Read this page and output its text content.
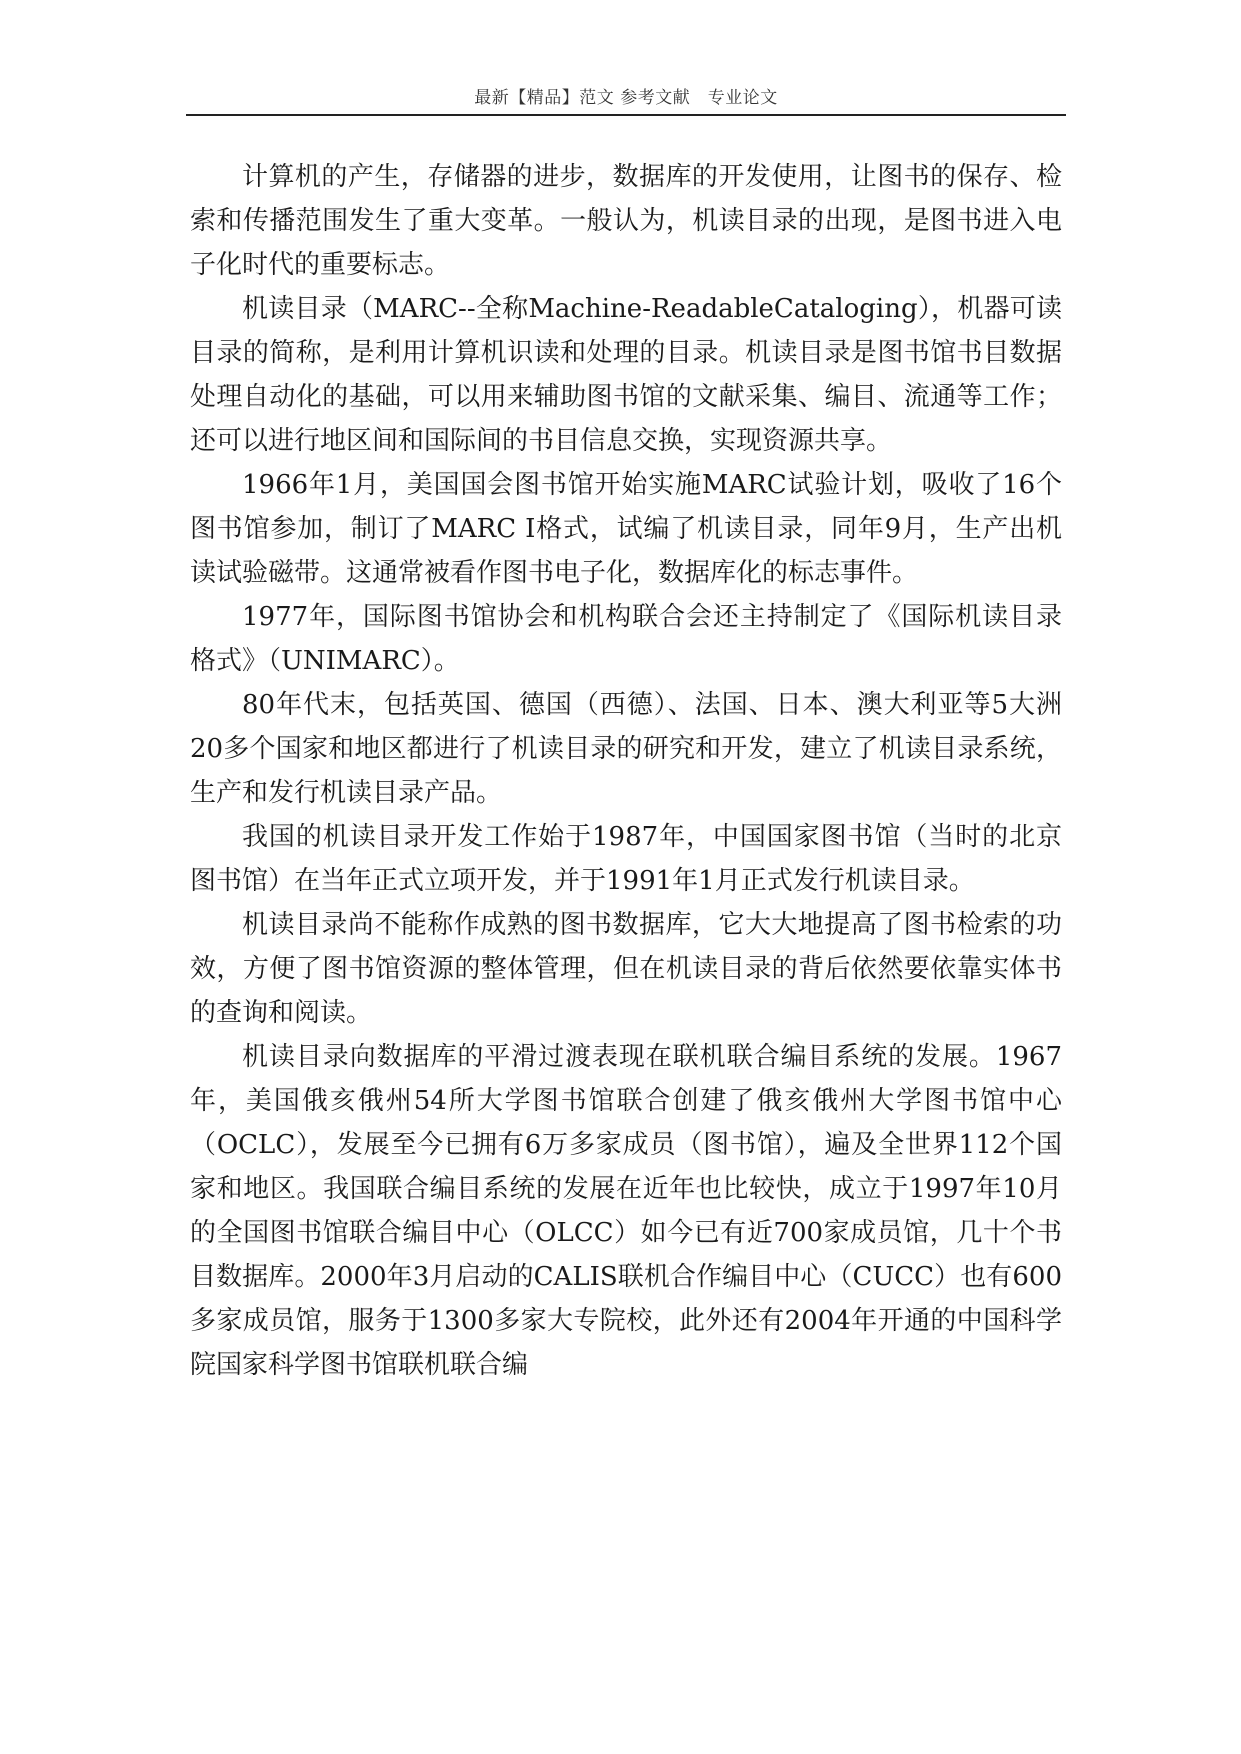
最新【精品】范文 参考文献　专业论文

计算机的产生，存储器的进步，数据库的开发使用，让图书的保存、检索和传播范围发生了重大变革。一般认为，机读目录的出现，是图书进入电子化时代的重要标志。

机读目录（MARC--全称Machine-ReadableCataloging），机器可读目录的简称，是利用计算机识读和处理的目录。机读目录是图书馆书目数据处理自动化的基础，可以用来辅助图书馆的文献采集、编目、流通等工作；还可以进行地区间和国际间的书目信息交换，实现资源共享。

1966年1月，美国国会图书馆开始实施MARC试验计划，吸收了16个图书馆参加，制订了MARC I格式，试编了机读目录，同年9月，生产出机读试验磁带。这通常被看作图书电子化，数据库化的标志事件。

1977年，国际图书馆协会和机构联合会还主持制定了《国际机读目录格式》（UNIMARC）。

80年代末，包括英国、德国（西德）、法国、日本、澳大利亚等5大洲20多个国家和地区都进行了机读目录的研究和开发，建立了机读目录系统，生产和发行机读目录产品。

我国的机读目录开发工作始于1987年，中国国家图书馆（当时的北京图书馆）在当年正式立项开发，并于1991年1月正式发行机读目录。

机读目录尚不能称作成熟的图书数据库，它大大地提高了图书检索的功效，方便了图书馆资源的整体管理，但在机读目录的背后依然要依靠实体书的查询和阅读。

机读目录向数据库的平滑过渡表现在联机联合编目系统的发展。1967年，美国俄亥俄州54所大学图书馆联合创建了俄亥俄州大学图书馆中心（OCLC），发展至今已拥有6万多家成员（图书馆），遍及全世界112个国家和地区。我国联合编目系统的发展在近年也比较快，成立于1997年10月的全国图书馆联合编目中心（OLCC）如今已有近700家成员馆，几十个书目数据库。2000年3月启动的CALIS联机合作编目中心（CUCC）也有600多家成员馆，服务于1300多家大专院校，此外还有2004年开通的中国科学院国家科学图书馆联机联合编
